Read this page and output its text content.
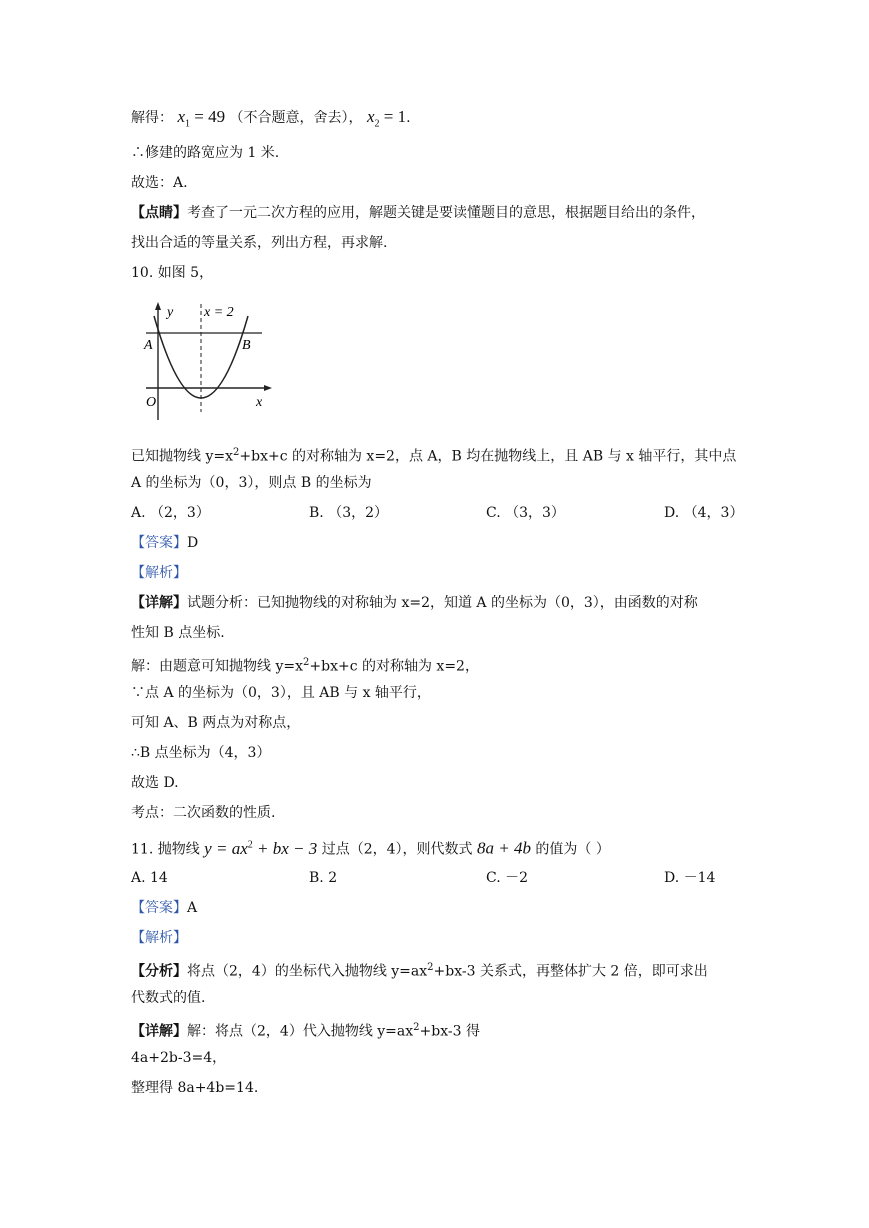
解得： $x_1 = 49$ （不合题意，舍去）， $x_2 = 1$.
∴修建的路宽应为 1 米.
故选：A.
【点睛】考查了一元二次方程的应用，解题关键是要读懂题目的意思，根据题目给出的条件，
找出合适的等量关系，列出方程，再求解.
10. 如图 5，
y x = 2
A	B
O	x
已知抛物线 $y=x^2+bx+c$ 的对称轴为 x=2，点 A，B 均在抛物线上，且 AB 与 x 轴平行，其中点
A 的坐标为（0，3），则点 B 的坐标为
A. （2，3）	B. （3，2）	C. （3，3）	D. （4，3）
【答案】D
【解析】
【详解】试题分析：已知抛物线的对称轴为 x=2，知道 A 的坐标为（0，3），由函数的对称
性知 B 点坐标.
解：由题意可知抛物线 $y=x^2+bx+c$ 的对称轴为 x=2，
∵点 A 的坐标为（0，3），且 AB 与 x 轴平行，
可知 A、B 两点为对称点，
∴B 点坐标为（4，3）
故选 D.
考点：二次函数的性质.
11. 抛物线 $y = ax^2$ + bx − 3 过点（2，4），则代数式 8a + 4b 的值为（ ）
A. 14	B. 2	C. －2	D. －14
【答案】A
【解析】
【分析】将点（2，4）的坐标代入抛物线 $y=ax^2+bx-3$ 关系式，再整体扩大 2 倍，即可求出
代数式的值.
【详解】解：将点（2，4）代入抛物线 $y=ax^2+bx-3$ 得
4a+2b-3=4，
整理得 8a+4b=14.
